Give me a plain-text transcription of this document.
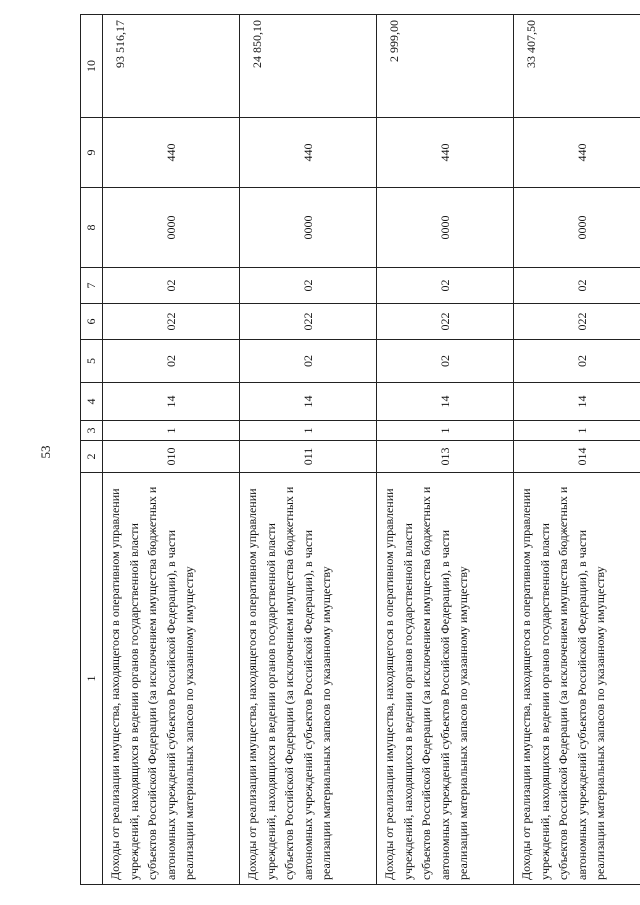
53
1	2	3	4	5	6	7	8	9	10
Доходы от реализации имущества, находящегося в оперативном управлении учреждений, находящихся в ведении органов государственной власти субъектов Российской Федерации (за исключением имущества бюджетных и автономных учреждений субъектов Российской Федерации), в части реализации материальных запасов по указанному имуществу	010	1	14	02	022	02	0000	440	93 516,17
Доходы от реализации имущества, находящегося в оперативном управлении учреждений, находящихся в ведении органов государственной власти субъектов Российской Федерации (за исключением имущества бюджетных и автономных учреждений субъектов Российской Федерации), в части реализации материальных запасов по указанному имуществу	011	1	14	02	022	02	0000	440	24 850,10
Доходы от реализации имущества, находящегося в оперативном управлении учреждений, находящихся в ведении органов государственной власти субъектов Российской Федерации (за исключением имущества бюджетных и автономных учреждений субъектов Российской Федерации), в части реализации материальных запасов по указанному имуществу	013	1	14	02	022	02	0000	440	2 999,00
Доходы от реализации имущества, находящегося в оперативном управлении учреждений, находящихся в ведении органов государственной власти субъектов Российской Федерации (за исключением имущества бюджетных и автономных учреждений субъектов Российской Федерации), в части реализации материальных запасов по указанному имуществу	014	1	14	02	022	02	0000	440	33 407,50
